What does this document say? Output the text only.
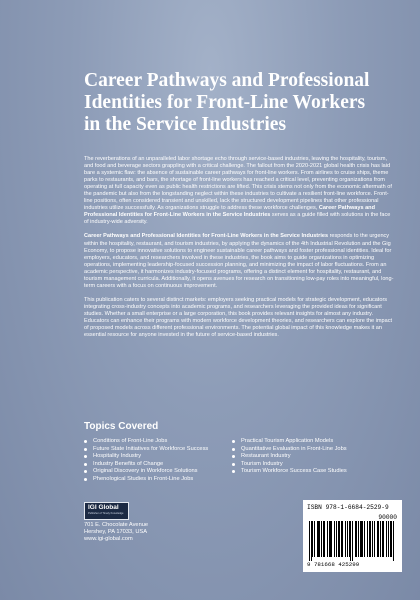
Career Pathways and Professional Identities for Front-Line Workers in the Service Industries

The reverberations of an unparalleled labor shortage echo through service-based industries, leaving the hospitality, tourism, and food and beverage sectors grappling with a critical challenge. The fallout from the 2020-2021 global health crisis has laid bare a systemic flaw: the absence of sustainable career pathways for front-line workers. From airlines to cruise ships, theme parks to restaurants, and bars, the shortage of front-line workers has reached a critical level, preventing organizations from operating at full capacity even as public health restrictions are lifted. This crisis stems not only from the economic aftermath of the pandemic but also from the longstanding neglect within these industries to cultivate a resilient front-line workforce. Front-line positions, often considered transient and unskilled, lack the structured development pipelines that other professional industries utilize successfully. As organizations struggle to address these workforce challenges, Career Pathways and Professional Identities for Front-Line Workers in the Service Industries serves as a guide filled with solutions in the face of industry-wide adversity.

Career Pathways and Professional Identities for Front-Line Workers in the Service Industries responds to the urgency within the hospitality, restaurant, and tourism industries, by applying the dynamics of the 4th Industrial Revolution and the Gig Economy, to propose innovative solutions to engineer sustainable career pathways and foster professional identities. Ideal for employers, educators, and researchers involved in these industries, the book aims to guide organizations in optimizing operations, implementing leadership-focused succession planning, and minimizing the impact of labor fluctuations. From an academic perspective, it harmonizes industry-focused programs, offering a distinct element for hospitality, restaurant, and tourism management curricula. Additionally, it opens avenues for research on transitioning low-pay roles into meaningful, long-term careers with a focus on continuous improvement.

This publication caters to several distinct markets: employers seeking practical models for strategic development, educators integrating cross-industry concepts into academic programs, and researchers leveraging the provided ideas for significant studies. Whether a small enterprise or a large corporation, this book provides relevant insights for almost any industry. Educators can enhance their programs with modern workforce development theories, and researchers can explore the impact of proposed models across different professional environments. The potential global impact of this knowledge makes it an essential resource for anyone invested in the future of service-based industries.

Topics Covered
Conditions of Front-Line Jobs
Future State Initiatives for Workforce Success
Hospitality Industry
Industry Benefits of Change
Original Discovery in Workforce Solutions
Phenological Studies in Front-Line Jobs
Practical Tourism Application Models
Quantitative Evaluation in Front-Line Jobs
Restaurant Industry
Tourism Industry
Tourism Workforce Success Case Studies
IGI Global
Publisher of Timely Knowledge
701 E. Chocolate Avenue
Hershey, PA 17033, USA
www.igi-global.com
ISBN 978-1-6684-2529-9
90000
9 781668 425299
